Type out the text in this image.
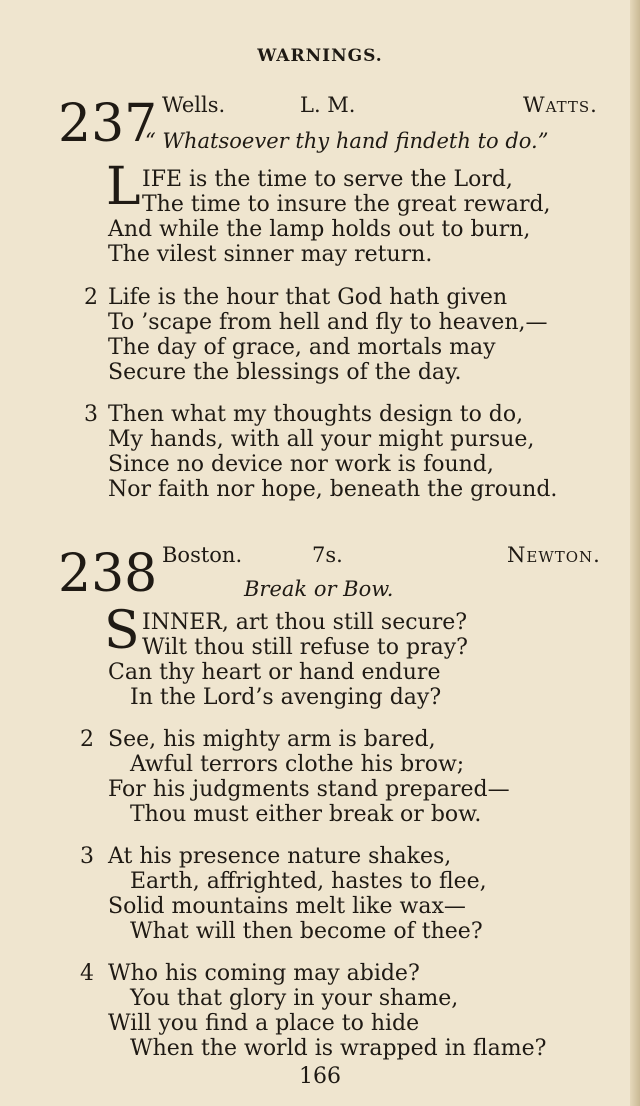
WARNINGS.
237 Wells.	L. M.	Watts.
“ Whatsoever thy hand findeth to do.”
L IFE is the time to serve the Lord,
The time to insure the great reward,
And while the lamp holds out to burn,
The vilest sinner may return.
2 Life is the hour that God hath given
To ’scape from hell and fly to heaven,—
The day of grace, and mortals may
Secure the blessings of the day.
3 Then what my thoughts design to do,
My hands, with all your might pursue,
Since no device nor work is found,
Nor faith nor hope, beneath the ground.
238 Boston.	7s.	Newton.
Break or Bow.
S INNER, art thou still secure?
Wilt thou still refuse to pray?
Can thy heart or hand endure
In the Lord’s avenging day?
2 See, his mighty arm is bared,
Awful terrors clothe his brow;
For his judgments stand prepared—
Thou must either break or bow.
3 At his presence nature shakes,
Earth, affrighted, hastes to flee,
Solid mountains melt like wax—
What will then become of thee?
4 Who his coming may abide?
You that glory in your shame,
Will you find a place to hide
When the world is wrapped in flame?
166
